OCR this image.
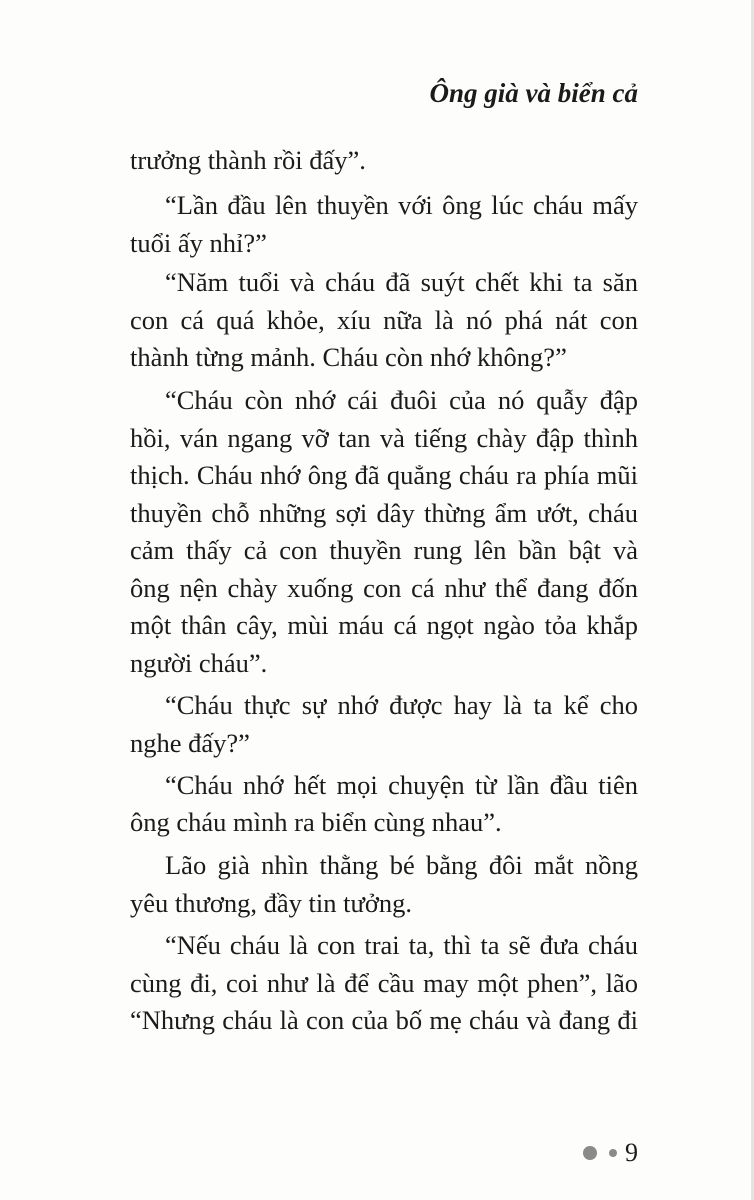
Ông già và biển cả
trưởng thành rồi đấy”.
“Lần đầu lên thuyền với ông lúc cháu mấy
tuổi ấy nhỉ?”
“Năm tuổi và cháu đã suýt chết khi ta săn
con cá quá khỏe, xíu nữa là nó phá nát con
thành từng mảnh. Cháu còn nhớ không?”
“Cháu còn nhớ cái đuôi của nó quẫy đập
hồi, ván ngang vỡ tan và tiếng chày đập thình
thịch. Cháu nhớ ông đã quẳng cháu ra phía mũi
thuyền chỗ những sợi dây thừng ẩm ướt, cháu
cảm thấy cả con thuyền rung lên bần bật và
ông nện chày xuống con cá như thể đang đốn
một thân cây, mùi máu cá ngọt ngào tỏa khắp
người cháu”.
“Cháu thực sự nhớ được hay là ta kể cho
nghe đấy?”
“Cháu nhớ hết mọi chuyện từ lần đầu tiên
ông cháu mình ra biển cùng nhau”.
Lão già nhìn thằng bé bằng đôi mắt nồng
yêu thương, đầy tin tưởng.
“Nếu cháu là con trai ta, thì ta sẽ đưa cháu
cùng đi, coi như là để cầu may một phen”, lão
“Nhưng cháu là con của bố mẹ cháu và đang đi
9
